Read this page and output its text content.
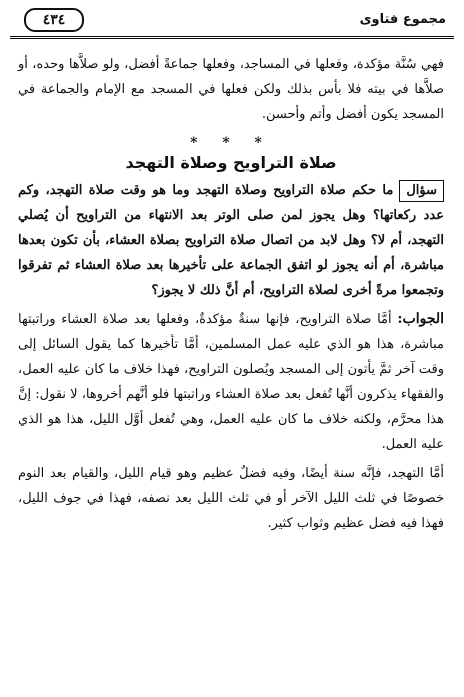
مجموع فتاوى
٤٣٤

فهي سُنَّة مؤكدة، وفعلها في المساجد، وفعلها جماعةً أفضل، ولو صلاَّها وحده، أو صلاَّها في بيته فلا بأس بذلك ولكن فعلها في المسجد مع الإمام والجماعة في المسجد يكون أفضل وأتم وأحسن.

* * *
صلاة التراويح وصلاة التهجد

سؤالما حكم صلاة التراويح وصلاة التهجد وما هو وقت صلاة التهجد، وكم عدد ركعاتها؟ وهل يجوز لمن صلى الوتر بعد الانتهاء من التراويح أن يُصلي التهجد، أم لا؟ وهل لابد من اتصال صلاة التراويح بصلاة العشاء، بأن تكون بعدها مباشرة، أم أنه يجوز لو اتفق الجماعة على تأخيرها بعد صلاة العشاء ثم تفرقوا وتجمعوا مرةً أخرى لصلاة التراويح، أم أنَّ ذلك لا يجوز؟

الجواب: أمَّا صلاة التراويح، فإنها سنةٌ مؤكدةٌ، وفعلها بعد صلاة العشاء وراتبتها مباشرة، هذا هو الذي عليه عمل المسلمين، أمَّا تأخيرها كما يقول السائل إلى وقت آخر ثمَّ يأتون إلى المسجد ويُصلون التراويح، فهذا خلاف ما كان عليه العمل، والفقهاء يذكرون أنَّها تُفعل بعد صلاة العشاء وراتبتها فلو أنَّهم أخروها، لا نقول: إنَّ هذا محرَّم، ولكنه خلاف ما كان عليه العمل، وهي تُفعل أوَّل الليل، هذا هو الذي عليه العمل.

أمَّا التهجد، فإنَّه سنة أيضًا، وفيه فضلٌ عظيم وهو قيام الليل، والقيام بعد النوم خصوصًا في ثلث الليل الآخر أو في ثلث الليل بعد نصفه، فهذا في جوف الليل، فهذا فيه فضل عظيم وثواب كثير.
